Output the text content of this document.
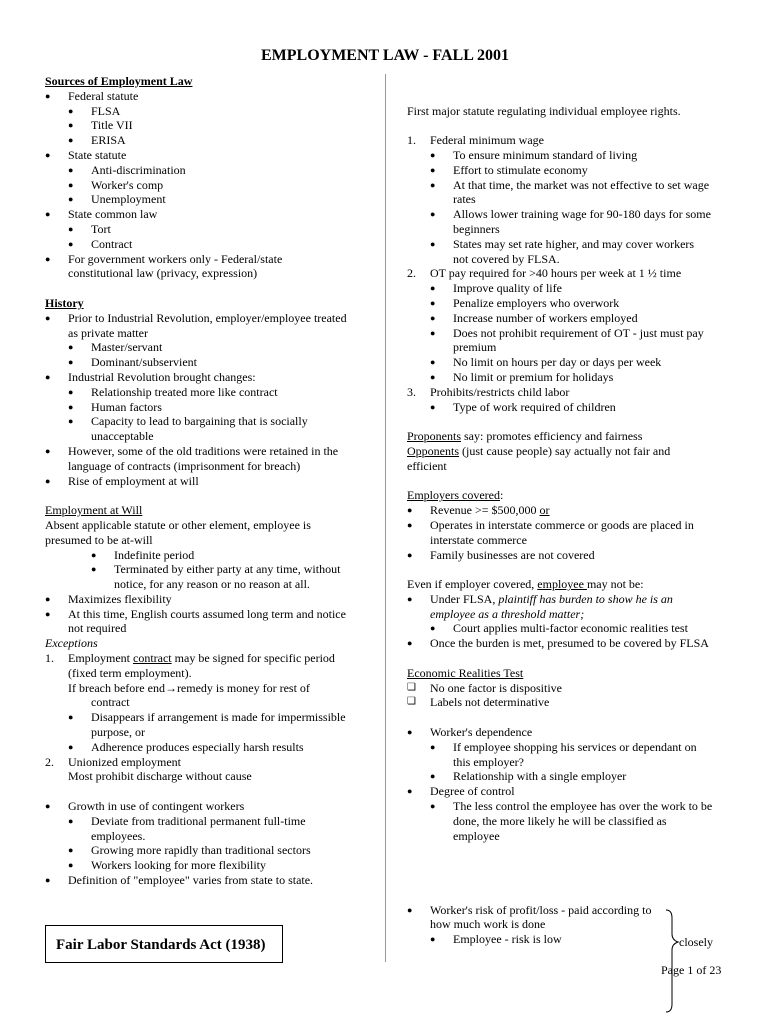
EMPLOYMENT LAW - FALL 2001
Sources of Employment Law
● Federal statute
● FLSA
● Title VII
● ERISA
● State statute
● Anti-discrimination
● Worker's comp
● Unemployment
● State common law
● Tort
● Contract
● For government workers only - Federal/state
constitutional law (privacy, expression)
History
● Prior to Industrial Revolution, employer/employee treated
as private matter
● Master/servant
● Dominant/subservient
● Industrial Revolution brought changes:
● Relationship treated more like contract
● Human factors
● Capacity to lead to bargaining that is socially
unacceptable
● However, some of the old traditions were retained in the
language of contracts (imprisonment for breach)
● Rise of employment at will
Employment at Will
Absent applicable statute or other element, employee is
presumed to be at-will
● Indefinite period
● Terminated by either party at any time, without
notice, for any reason or no reason at all.
● Maximizes flexibility
● At this time, English courts assumed long term and notice
not required
Exceptions
1. Employment contract may be signed for specific period
(fixed term employment).
If breach before end→remedy is money for rest of
contract
● Disappears if arrangement is made for impermissible
purpose, or
● Adherence produces especially harsh results
2. Unionized employment
Most prohibit discharge without cause
● Growth in use of contingent workers
● Deviate from traditional permanent full-time
employees.
● Growing more rapidly than traditional sectors
● Workers looking for more flexibility
● Definition of "employee" varies from state to state.
Fair Labor Standards Act (1938)
First major statute regulating individual employee rights.
1. Federal minimum wage
● To ensure minimum standard of living
● Effort to stimulate economy
● At that time, the market was not effective to set wage
rates
● Allows lower training wage for 90-180 days for some
beginners
● States may set rate higher, and may cover workers
not covered by FLSA.
2. OT pay required for >40 hours per week at 1 ½ time
● Improve quality of life
● Penalize employers who overwork
● Increase number of workers employed
● Does not prohibit requirement of OT - just must pay
premium
● No limit on hours per day or days per week
● No limit or premium for holidays
3. Prohibits/restricts child labor
● Type of work required of children
Proponents say: promotes efficiency and fairness
Opponents (just cause people) say actually not fair and
efficient
Employers covered:
● Revenue >= $500,000 or
● Operates in interstate commerce or goods are placed in
interstate commerce
● Family businesses are not covered
Even if employer covered, employee may not be:
● Under FLSA, plaintiff has burden to show he is an
employee as a threshold matter;
● Court applies multi-factor economic realities test
● Once the burden is met, presumed to be covered by FLSA
Economic Realities Test
❑ No one factor is dispositive
❑ Labels not determinative
● Worker's dependence
● If employee shopping his services or dependant on
this employer?
● Relationship with a single employer
● Degree of control
● The less control the employee has over the work to be
done, the more likely he will be classified as
employee
● Worker's risk of profit/loss - paid according to
how much work is done
● Employee - risk is low	closely
Page 1 of 23
